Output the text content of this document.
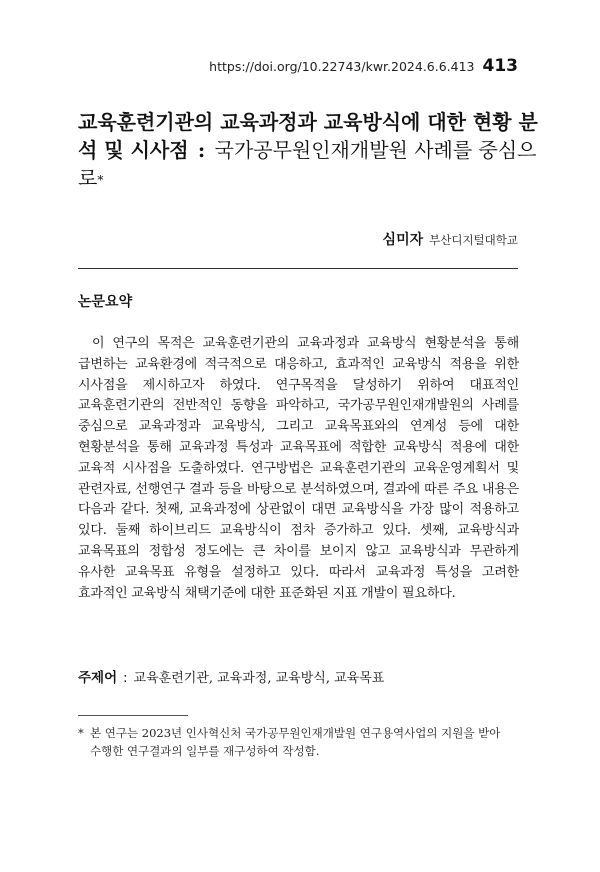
https://doi.org/10.22743/kwr.2024.6.6.413 413
교육훈련기관의 교육과정과 교육방식에 대한 현황 분석 및 시사점 : 국가공무원인재개발원 사례를 중심으로*
심미자 부산디지털대학교
논문요약

이 연구의 목적은 교육훈련기관의 교육과정과 교육방식 현황분석을 통해 급변하는 교육환경에 적극적으로 대응하고, 효과적인 교육방식 적용을 위한 시사점을 제시하고자 하였다. 연구목적을 달성하기 위하여 대표적인 교육훈련기관의 전반적인 동향을 파악하고, 국가공무원인재개발원의 사례를 중심으로 교육과정과 교육방식, 그리고 교육목표와의 연계성 등에 대한 현황분석을 통해 교육과정 특성과 교육목표에 적합한 교육방식 적용에 대한 교육적 시사점을 도출하였다. 연구방법은 교육훈련기관의 교육운영계획서 및 관련자료, 선행연구 결과 등을 바탕으로 분석하였으며, 결과에 따른 주요 내용은 다음과 같다. 첫째, 교육과정에 상관없이 대면 교육방식을 가장 많이 적용하고 있다. 둘째 하이브리드 교육방식이 점차 증가하고 있다. 셋째, 교육방식과 교육목표의 정합성 정도에는 큰 차이를 보이지 않고 교육방식과 무관하게 유사한 교육목표 유형을 설정하고 있다. 따라서 교육과정 특성을 고려한 효과적인 교육방식 채택기준에 대한 표준화된 지표 개발이 필요하다.

주제어 : 교육훈련기관, 교육과정, 교육방식, 교육목표
* 본 연구는 2023년 인사혁신처 국가공무원인재개발원 연구용역사업의 지원을 받아 수행한 연구결과의 일부를 재구성하여 작성함.
